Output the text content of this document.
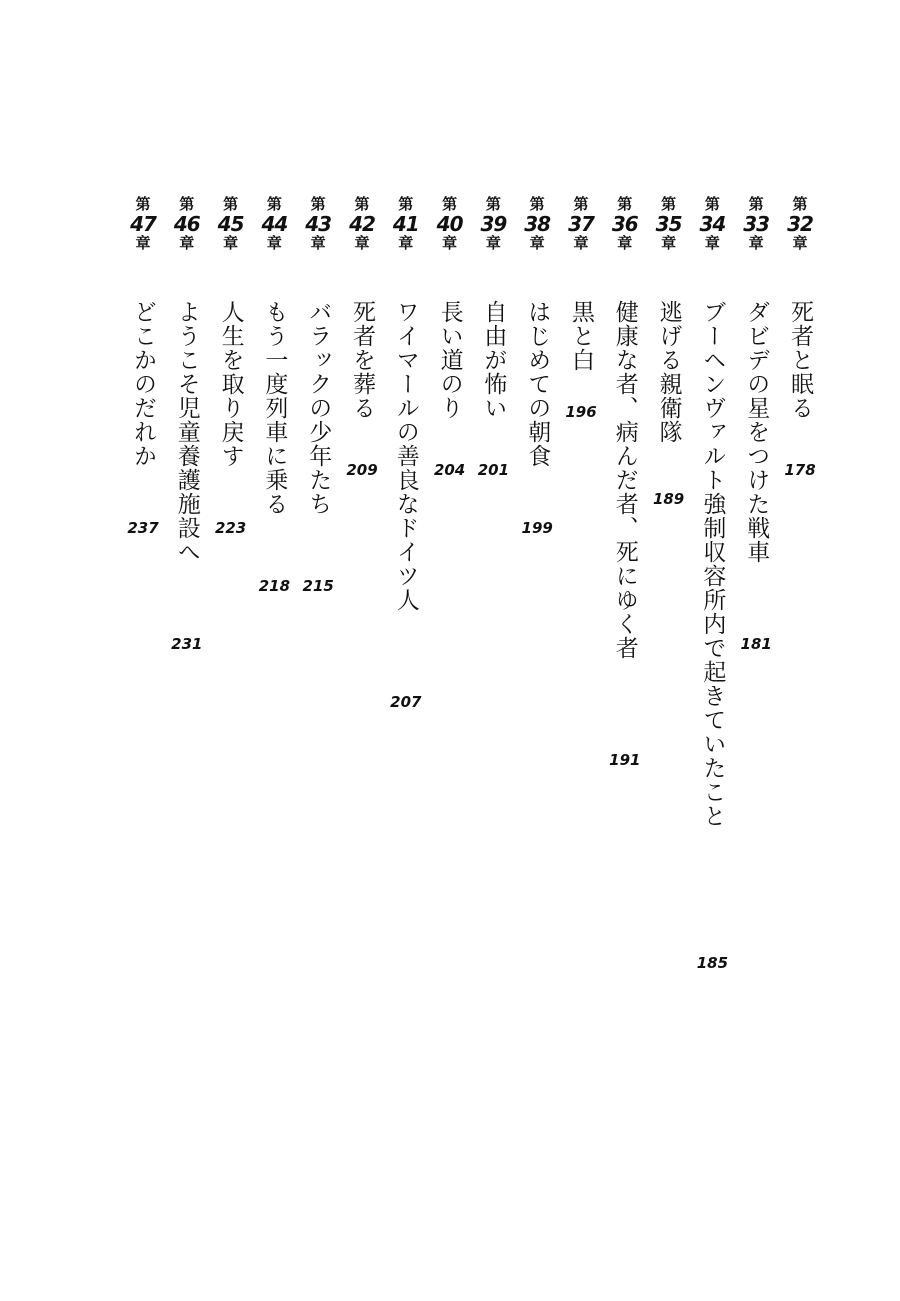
第
32
章
死者と眠る
178
第
33
章
ダビデの星をつけた戦車
181
第
34
章
ブーヘンヴァルト強制収容所内で起きていたこと
185
第
35
章
逃げる親衛隊
189
第
36
章
健康な者、病んだ者、死にゆく者
191
第
37
章
黒と白
196
第
38
章
はじめての朝食
199
第
39
章
自由が怖い
201
第
40
章
長い道のり
204
第
41
章
ワイマールの善良なドイツ人
207
第
42
章
死者を葬る
209
第
43
章
バラックの少年たち
215
第
44
章
もう一度列車に乗る
218
第
45
章
人生を取り戻す
223
第
46
章
ようこそ児童養護施設へ
231
第
47
章
どこかのだれか
237
